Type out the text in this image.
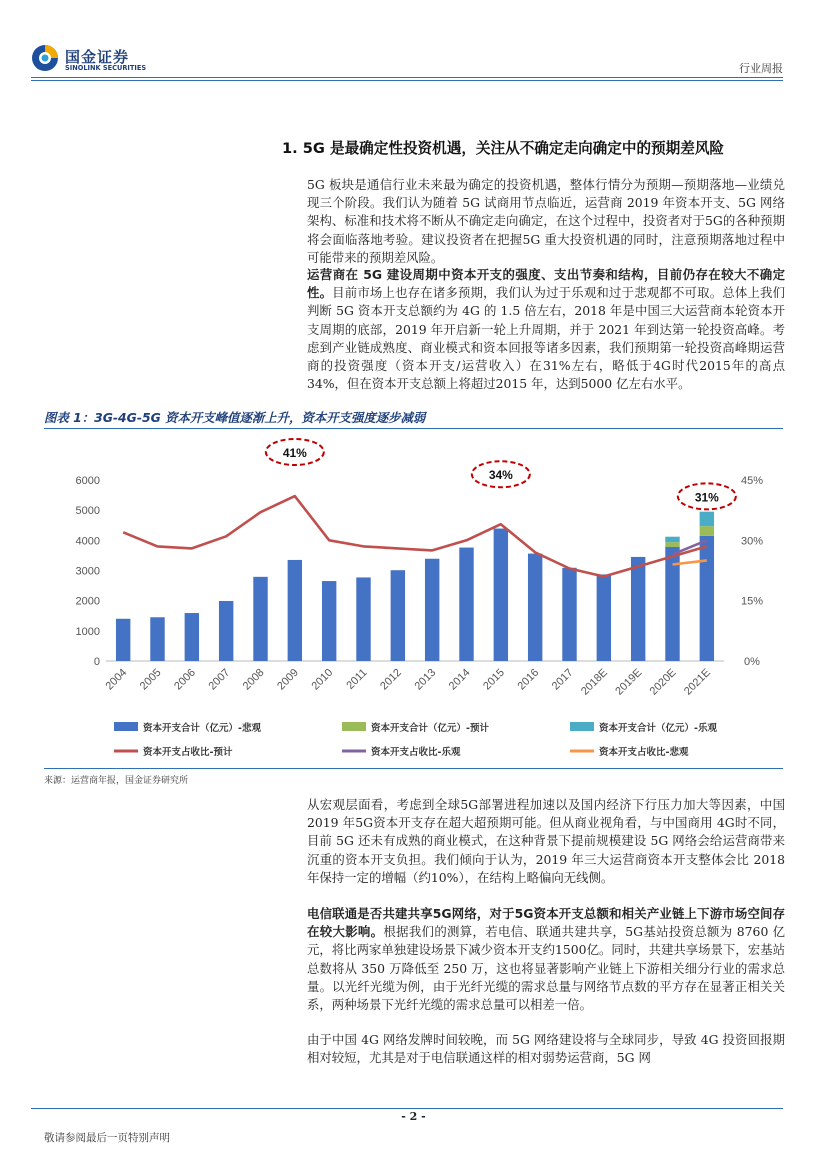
国金证券
SINOLINK SECURITIES	行业周报
1. 5G 是最确定性投资机遇，关注从不确定走向确定中的预期差风险
5G 板块是通信行业未来最为确定的投资机遇，整体行情分为预期—预期落地—业绩兑现三个阶段。我们认为随着 5G 试商用节点临近，运营商 2019 年资本开支、5G 网络架构、标准和技术将不断从不确定走向确定，在这个过程中，投资者对于5G的各种预期将会面临落地考验。建议投资者在把握5G 重大投资机遇的同时，注意预期落地过程中可能带来的预期差风险。
运营商在 5G 建设周期中资本开支的强度、支出节奏和结构，目前仍存在较大不确定性。目前市场上也存在诸多预期，我们认为过于乐观和过于悲观都不可取。总体上我们判断 5G 资本开支总额约为 4G 的 1.5 倍左右，2018 年是中国三大运营商本轮资本开支周期的底部，2019 年开启新一轮上升周期，并于 2021 年到达第一轮投资高峰。考虑到产业链成熟度、商业模式和资本回报等诸多因素，我们预期第一轮投资高峰期运营商的投资强度（资本开支/运营收入）在31%左右，略低于4G时代2015年的高点34%，但在资本开支总额上将超过2015 年，达到5000 亿左右水平。
图表 1：3G-4G-5G 资本开支峰值逐渐上升，资本开支强度逐步减弱
0
1000
2000
3000
4000
5000
6000
0%
15%
30%
45%
2004 2005 2006 2007 2008 2009 2010 2011 2012 2013 2014 2015 2016 2017 2018E 2019E 2020E 2021E
41%
34%
31%
资本开支合计（亿元）-悲观	资本开支合计（亿元）-预计	资本开支合计（亿元）-乐观
资本开支占收比-预计	资本开支占收比-乐观	资本开支占收比-悲观
来源：运营商年报，国金证券研究所
从宏观层面看，考虑到全球5G部署进程加速以及国内经济下行压力加大等因素，中国2019 年5G资本开支存在超大超预期可能。但从商业视角看，与中国商用 4G时不同，目前 5G 还未有成熟的商业模式，在这种背景下提前规模建设 5G 网络会给运营商带来沉重的资本开支负担。我们倾向于认为，2019 年三大运营商资本开支整体会比 2018 年保持一定的增幅（约10%），在结构上略偏向无线侧。
电信联通是否共建共享5G网络，对于5G资本开支总额和相关产业链上下游市场空间存在较大影响。根据我们的测算，若电信、联通共建共享，5G基站投资总额为 8760 亿元，将比两家单独建设场景下减少资本开支约1500亿。同时，共建共享场景下，宏基站总数将从 350 万降低至 250 万，这也将显著影响产业链上下游相关细分行业的需求总量。以光纤光缆为例，由于光纤光缆的需求总量与网络节点数的平方存在显著正相关关系，两种场景下光纤光缆的需求总量可以相差一倍。
由于中国 4G 网络发牌时间较晚，而 5G 网络建设将与全球同步，导致 4G 投资回报期相对较短，尤其是对于电信联通这样的相对弱势运营商，5G 网
- 2 -
敬请参阅最后一页特别声明
